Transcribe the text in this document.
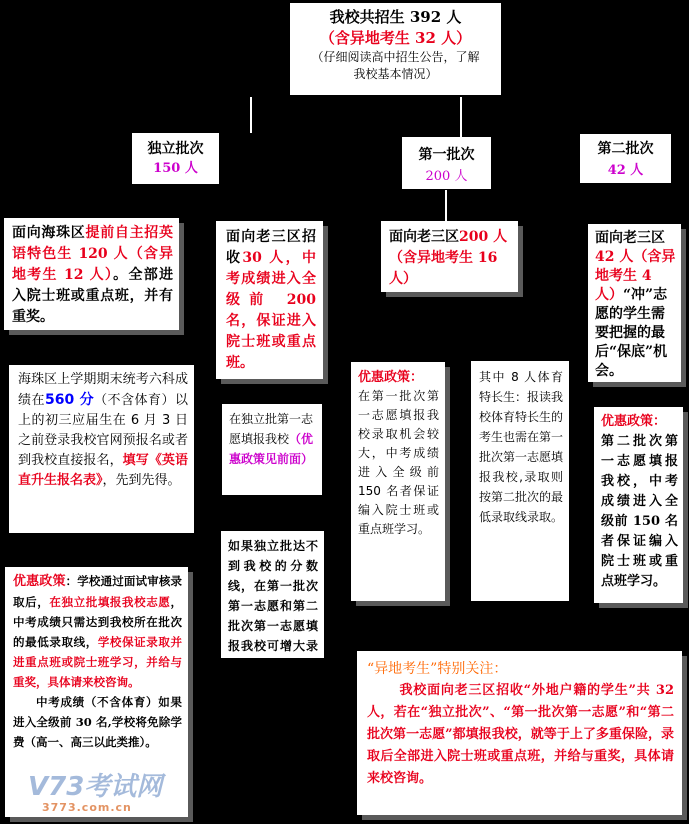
我校共招生 392 人
（含异地考生 32 人）
（仔细阅读高中招生公告，了解
我校基本情况）
独立批次
150 人
第一批次
200 人
第二批次
42 人
面向海珠区提前自主招英语特色生 120 人（含异地考生 12 人）。全部进入院士班或重点班，并有重奖。
面向老三区招收30 人，中考成绩进入全级前 200 名，保证进入院士班或重点班。
面向老三区200 人（含异地考生 16 人）
面向老三区42 人（含异地考生 4 人）“冲”志愿的学生需要把握的最后“保底”机会。
海珠区上学期期末统考六科成绩在560 分（不含体育）以上的初三应届生在 6 月 3 日之前登录我校官网预报名或者到我校直接报名，填写《英语直升生报名表》，先到先得。
在独立批第一志愿填报我校（优惠政策见前面）
优惠政策：
在第一批次第一志愿填报我校录取机会较大，中考成绩进入全级前 150 名者保证编入院士班或重点班学习。
其中 8 人体育特长生：报读我校体育特长生的考生也需在第一批次第一志愿填报我校,录取则按第二批次的最低录取线录取。
优惠政策：
第二批次第一志愿填报我校，中考成绩进入全级前 150 名者保证编入院士班或重点班学习。
如果独立批达不到我校的分数线，在第一批次第一志愿和第二批次第一志愿填报我校可增大录取机会。
优惠政策：学校通过面试审核录取后，在独立批填报我校志愿，中考成绩只需达到我校所在批次的最低录取线，学校保证录取并进重点班或院士班学习，并给与重奖，具体请来校咨询。
中考成绩（不含体育）如果进入全级前 30 名,学校将免除学费（高一、高三以此类推）。
“异地考生”特别关注：
我校面向老三区招收“外地户籍的学生”共 32 人，若在“独立批次”、“第一批次第一志愿”和“第二批次第一志愿”都填报我校，就等于上了多重保险，录取后全部进入院士班或重点班，并给与重奖，具体请来校咨询。
V73考试网
3773.com.cn
